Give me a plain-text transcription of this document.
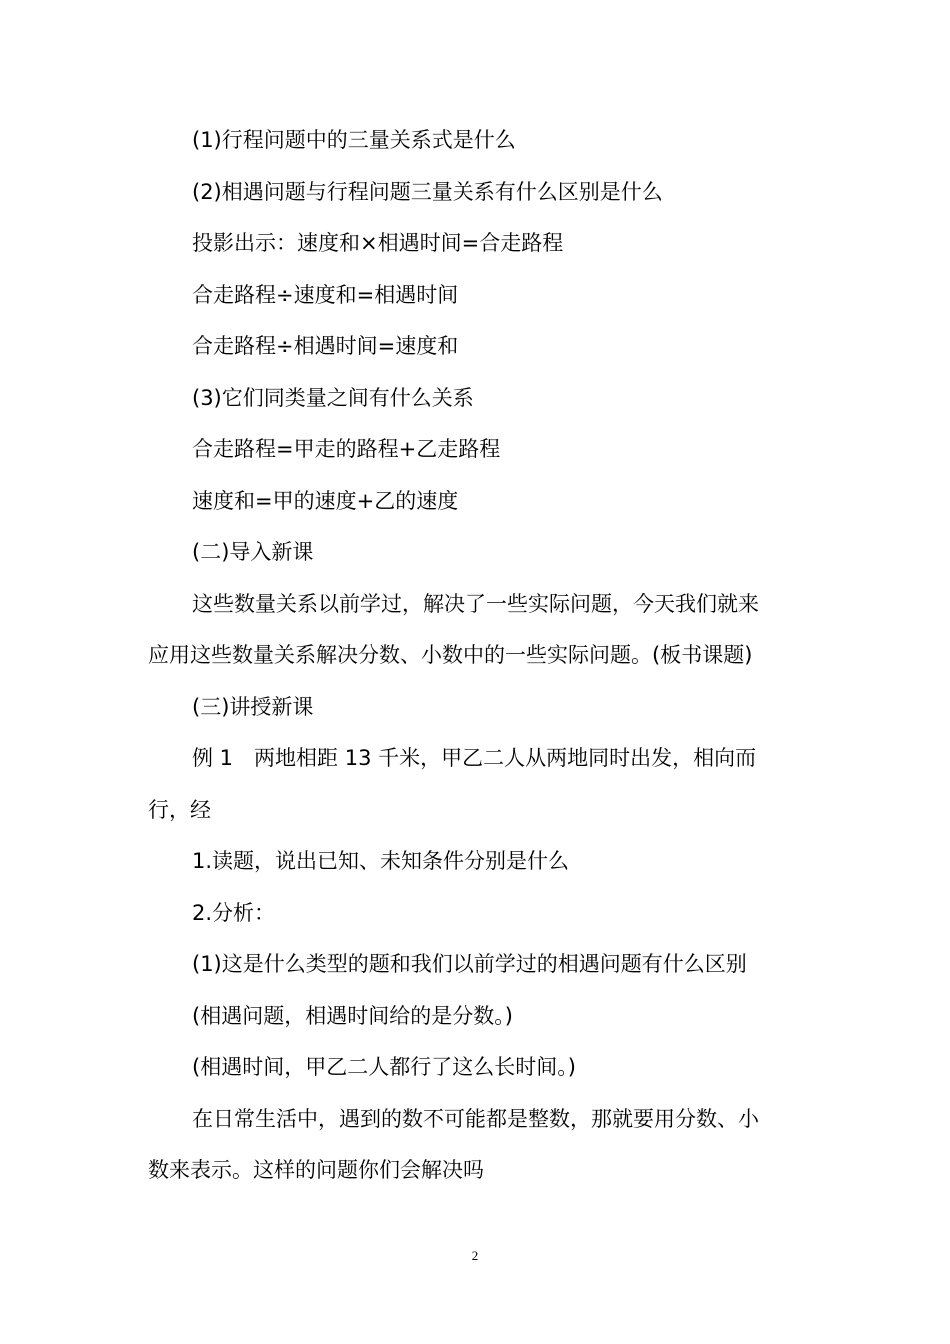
(1)行程问题中的三量关系式是什么
(2)相遇问题与行程问题三量关系有什么区别是什么
投影出示：速度和×相遇时间=合走路程
合走路程÷速度和=相遇时间
合走路程÷相遇时间=速度和
(3)它们同类量之间有什么关系
合走路程=甲走的路程+乙走路程
速度和=甲的速度+乙的速度
(二)导入新课
这些数量关系以前学过，解决了一些实际问题，今天我们就来
应用这些数量关系解决分数、小数中的一些实际问题。(板书课题)
(三)讲授新课
例 1　两地相距 13 千米，甲乙二人从两地同时出发，相向而
行，经
1.读题，说出已知、未知条件分别是什么
2.分析：
(1)这是什么类型的题和我们以前学过的相遇问题有什么区别
(相遇问题，相遇时间给的是分数。)
(相遇时间，甲乙二人都行了这么长时间。)
在日常生活中，遇到的数不可能都是整数，那就要用分数、小
数来表示。这样的问题你们会解决吗
2
